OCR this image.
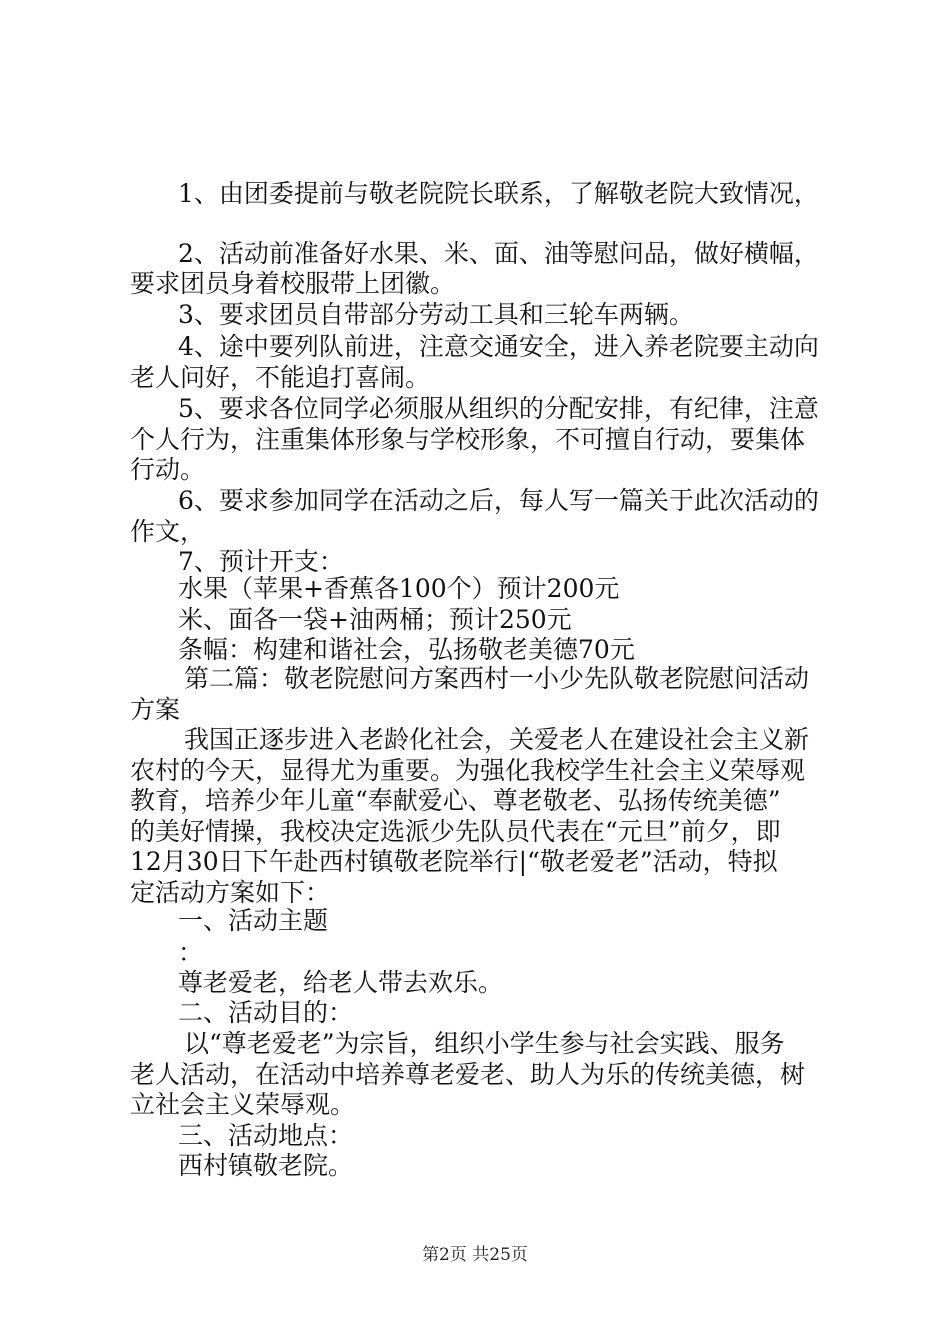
1、由团委提前与敬老院院长联系，了解敬老院大致情况，
2、活动前准备好水果、米、面、油等慰问品，做好横幅，
要求团员身着校服带上团徽。
3、要求团员自带部分劳动工具和三轮车两辆。
4、途中要列队前进，注意交通安全，进入养老院要主动向
老人问好，不能追打喜闹。
5、要求各位同学必须服从组织的分配安排，有纪律，注意
个人行为，注重集体形象与学校形象，不可擅自行动，要集体
行动。
6、要求参加同学在活动之后，每人写一篇关于此次活动的
作文，
7、预计开支：
水果（苹果+香蕉各100个）预计200元
米、面各一袋+油两桶；预计250元
条幅：构建和谐社会，弘扬敬老美德70元
第二篇：敬老院慰问方案西村一小少先队敬老院慰问活动
方案
我国正逐步进入老龄化社会，关爱老人在建设社会主义新
农村的今天，显得尤为重要。为强化我校学生社会主义荣辱观
教育，培养少年儿童“奉献爱心、尊老敬老、弘扬传统美德”
的美好情操，我校决定选派少先队员代表在“元旦”前夕，即
12月30日下午赴西村镇敬老院举行|“敬老爱老”活动，特拟
定活动方案如下：
一、活动主题
：
尊老爱老，给老人带去欢乐。
二、活动目的：
以“尊老爱老”为宗旨，组织小学生参与社会实践、服务
老人活动，在活动中培养尊老爱老、助人为乐的传统美德，树
立社会主义荣辱观。
三、活动地点：
西村镇敬老院。
第2页 共25页
